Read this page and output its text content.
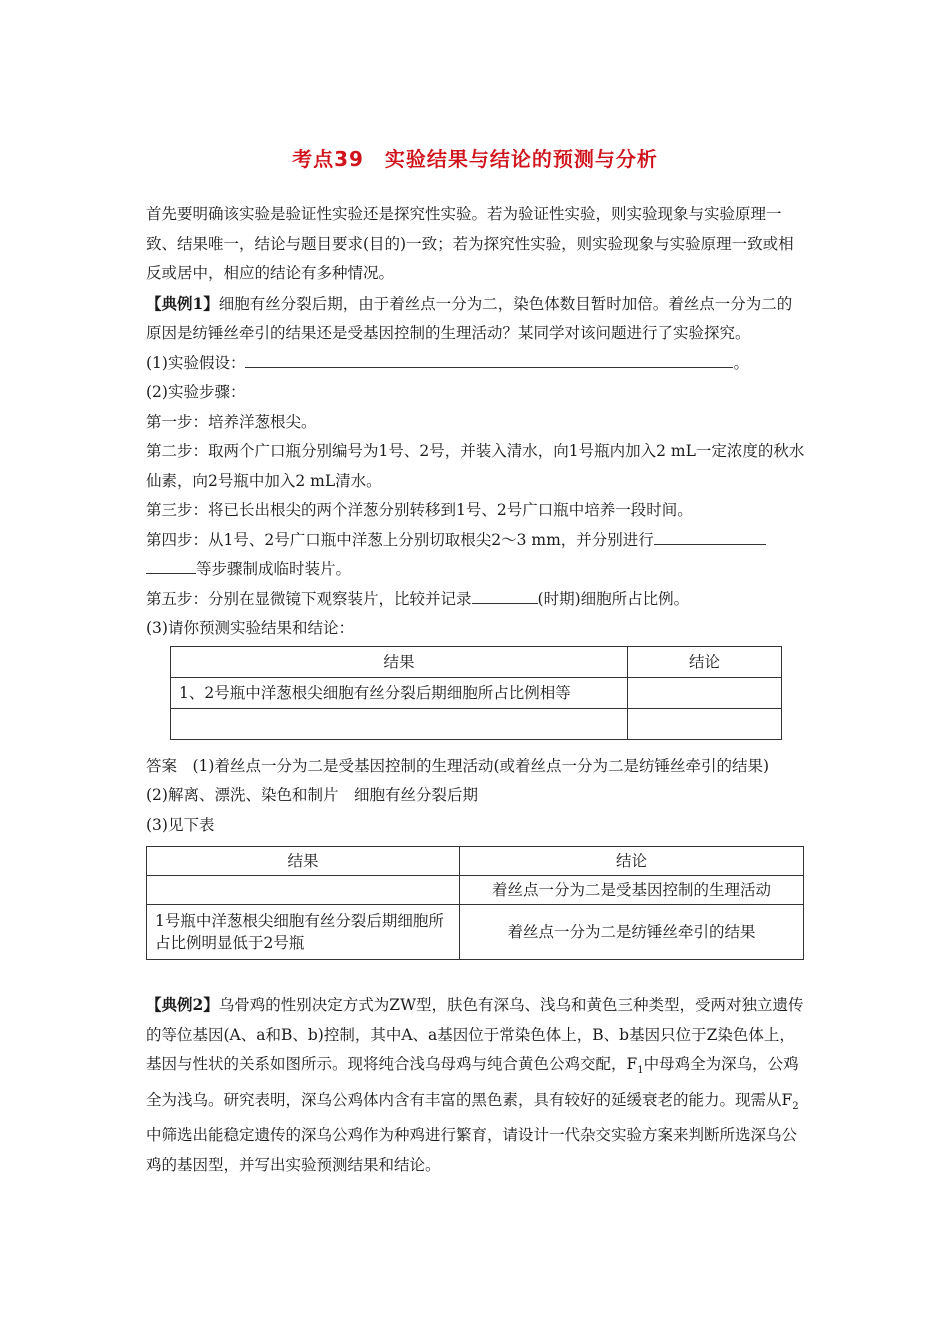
考点39　实验结果与结论的预测与分析

首先要明确该实验是验证性实验还是探究性实验。若为验证性实验，则实验现象与实验原理一致、结果唯一，结论与题目要求(目的)一致；若为探究性实验，则实验现象与实验原理一致或相反或居中，相应的结论有多种情况。

【典例1】细胞有丝分裂后期，由于着丝点一分为二，染色体数目暂时加倍。着丝点一分为二的原因是纺锤丝牵引的结果还是受基因控制的生理活动？某同学对该问题进行了实验探究。

(1)实验假设：	。

(2)实验步骤：

第一步：培养洋葱根尖。

第二步：取两个广口瓶分别编号为1号、2号，并装入清水，向1号瓶内加入2 mL一定浓度的秋水仙素，向2号瓶中加入2 mL清水。

第三步：将已长出根尖的两个洋葱分别转移到1号、2号广口瓶中培养一段时间。

第四步：从1号、2号广口瓶中洋葱上分别切取根尖2～3 mm，并分别进行
等步骤制成临时装片。

第五步：分别在显微镜下观察装片，比较并记录	(时期)细胞所占比例。

(3)请你预测实验结果和结论：

结果	结论
1、2号瓶中洋葱根尖细胞有丝分裂后期细胞所占比例相等	

答案　(1)着丝点一分为二是受基因控制的生理活动(或着丝点一分为二是纺锤丝牵引的结果)

(2)解离、漂洗、染色和制片　细胞有丝分裂后期

(3)见下表

结果	结论
	着丝点一分为二是受基因控制的生理活动
1号瓶中洋葱根尖细胞有丝分裂后期细胞所占比例明显低于2号瓶	着丝点一分为二是纺锤丝牵引的结果

【典例2】乌骨鸡的性别决定方式为ZW型，肤色有深乌、浅乌和黄色三种类型，受两对独立遗传的等位基因(A、a和B、b)控制，其中A、a基因位于常染色体上，B、b基因只位于Z染色体上，基因与性状的关系如图所示。现将纯合浅乌母鸡与纯合黄色公鸡交配，$F_1$中母鸡全为深乌，公鸡全为浅乌。研究表明，深乌公鸡体内含有丰富的黑色素，具有较好的延缓衰老的能力。现需从$F_2$中筛选出能稳定遗传的深乌公鸡作为种鸡进行繁育，请设计一代杂交实验方案来判断所选深乌公鸡的基因型，并写出实验预测结果和结论。
